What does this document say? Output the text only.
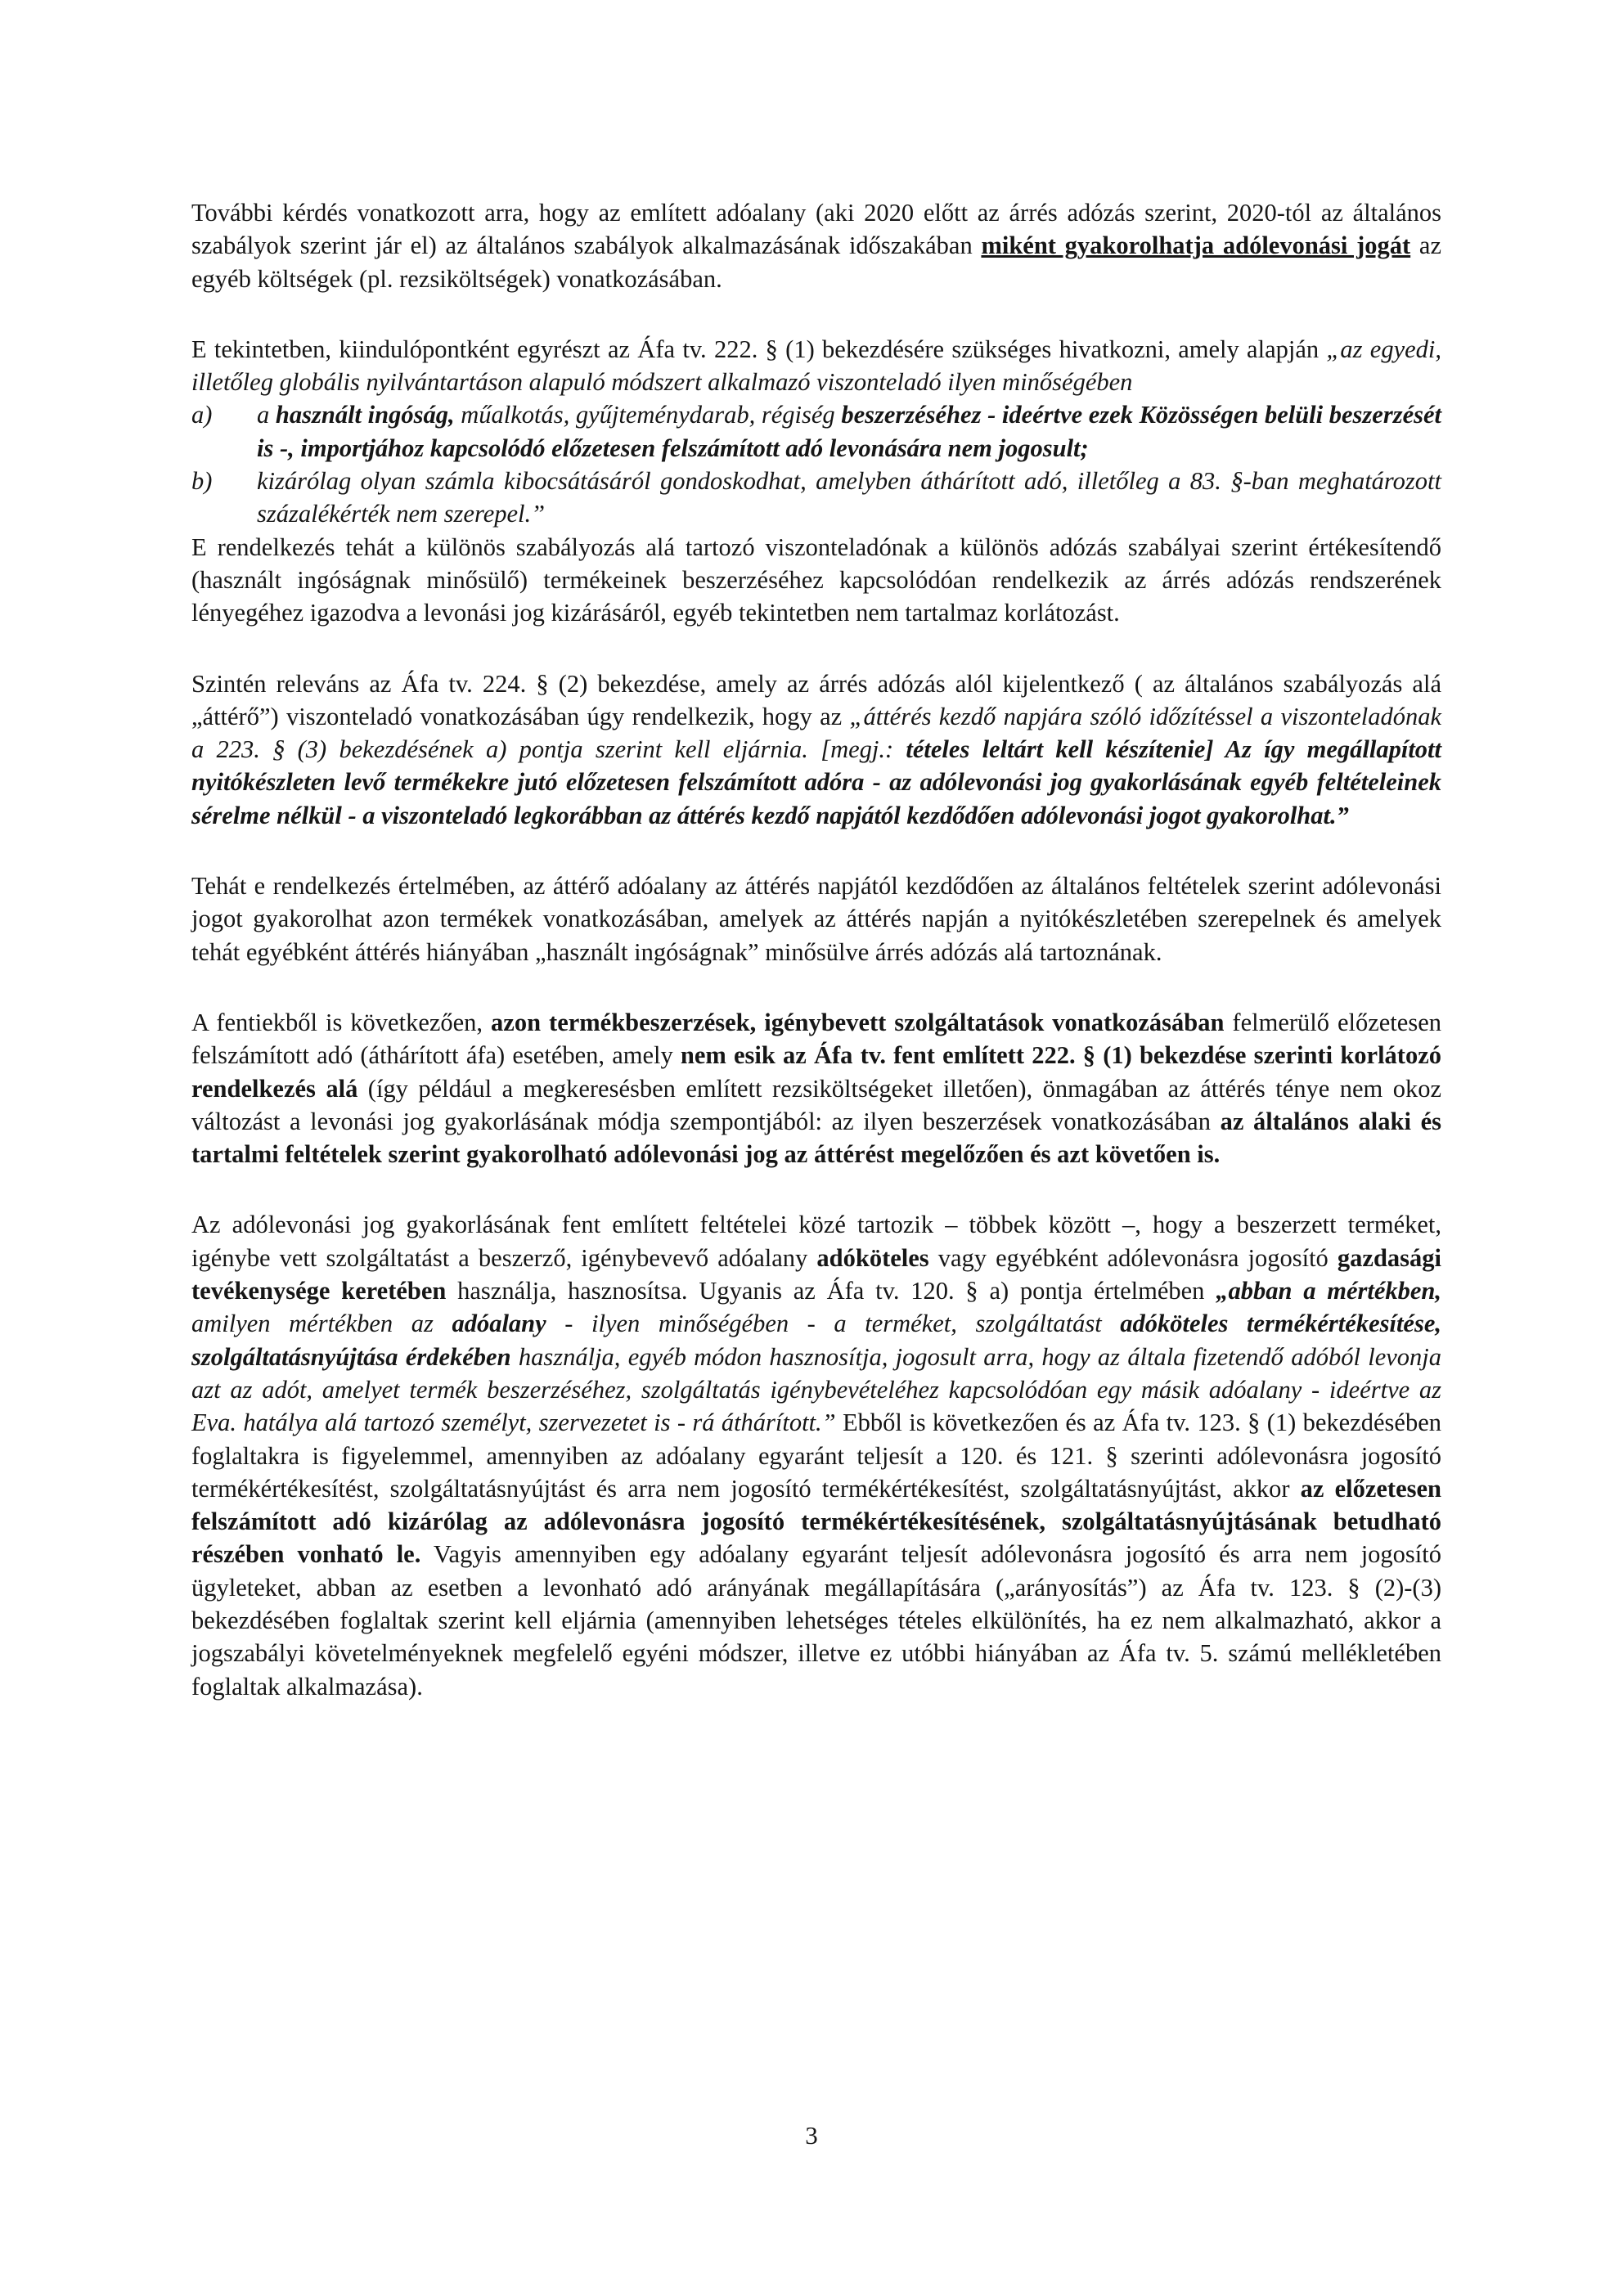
További kérdés vonatkozott arra, hogy az említett adóalany (aki 2020 előtt az árrés adózás szerint, 2020-tól az általános szabályok szerint jár el) az általános szabályok alkalmazásának időszakában miként gyakorolhatja adólevonási jogát az egyéb költségek (pl. rezsiköltségek) vonatkozásában.

E tekintetben, kiindulópontként egyrészt az Áfa tv. 222. § (1) bekezdésére szükséges hivatkozni, amely alapján „az egyedi, illetőleg globális nyilvántartáson alapuló módszert alkalmazó viszonteladó ilyen minőségében

a)	a használt ingóság, műalkotás, gyűjteménydarab, régiség beszerzéséhez - ideértve ezek Közösségen belüli beszerzését is -, importjához kapcsolódó előzetesen felszámított adó levonására nem jogosult;
b)	kizárólag olyan számla kibocsátásáról gondoskodhat, amelyben áthárított adó, illetőleg a 83. §-ban meghatározott százalékérték nem szerepel.”

E rendelkezés tehát a különös szabályozás alá tartozó viszonteladónak a különös adózás szabályai szerint értékesítendő (használt ingóságnak minősülő) termékeinek beszerzéséhez kapcsolódóan rendelkezik az árrés adózás rendszerének lényegéhez igazodva a levonási jog kizárásáról, egyéb tekintetben nem tartalmaz korlátozást.

Szintén releváns az Áfa tv. 224. § (2) bekezdése, amely az árrés adózás alól kijelentkező ( az általános szabályozás alá „áttérő”) viszonteladó vonatkozásában úgy rendelkezik, hogy az „áttérés kezdő napjára szóló időzítéssel a viszonteladónak a 223. § (3) bekezdésének a) pontja szerint kell eljárnia. [megj.: tételes leltárt kell készítenie] Az így megállapított nyitókészleten levő termékekre jutó előzetesen felszámított adóra - az adólevonási jog gyakorlásának egyéb feltételeinek sérelme nélkül - a viszonteladó legkorábban az áttérés kezdő napjától kezdődően adólevonási jogot gyakorolhat.”

Tehát e rendelkezés értelmében, az áttérő adóalany az áttérés napjától kezdődően az általános feltételek szerint adólevonási jogot gyakorolhat azon termékek vonatkozásában, amelyek az áttérés napján a nyitókészletében szerepelnek és amelyek tehát egyébként áttérés hiányában „használt ingóságnak” minősülve árrés adózás alá tartoznának.

A fentiekből is következően, azon termékbeszerzések, igénybevett szolgáltatások vonatkozásában felmerülő előzetesen felszámított adó (áthárított áfa) esetében, amely nem esik az Áfa tv. fent említett 222. § (1) bekezdése szerinti korlátozó rendelkezés alá (így például a megkeresésben említett rezsiköltségeket illetően), önmagában az áttérés ténye nem okoz változást a levonási jog gyakorlásának módja szempontjából: az ilyen beszerzések vonatkozásában az általános alaki és tartalmi feltételek szerint gyakorolható adólevonási jog az áttérést megelőzően és azt követően is.

Az adólevonási jog gyakorlásának fent említett feltételei közé tartozik – többek között –, hogy a beszerzett terméket, igénybe vett szolgáltatást a beszerző, igénybevevő adóalany adóköteles vagy egyébként adólevonásra jogosító gazdasági tevékenysége keretében használja, hasznosítsa. Ugyanis az Áfa tv. 120. § a) pontja értelmében „abban a mértékben, amilyen mértékben az adóalany - ilyen minőségében - a terméket, szolgáltatást adóköteles termékértékesítése, szolgáltatásnyújtása érdekében használja, egyéb módon hasznosítja, jogosult arra, hogy az általa fizetendő adóból levonja azt az adót, amelyet termék beszerzéséhez, szolgáltatás igénybevételéhez kapcsolódóan egy másik adóalany - ideértve az Eva. hatálya alá tartozó személyt, szervezetet is - rá áthárított.” Ebből is következően és az Áfa tv. 123. § (1) bekezdésében foglaltakra is figyelemmel, amennyiben az adóalany egyaránt teljesít a 120. és 121. § szerinti adólevonásra jogosító termékértékesítést, szolgáltatásnyújtást és arra nem jogosító termékértékesítést, szolgáltatásnyújtást, akkor az előzetesen felszámított adó kizárólag az adólevonásra jogosító termékértékesítésének, szolgáltatásnyújtásának betudható részében vonható le. Vagyis amennyiben egy adóalany egyaránt teljesít adólevonásra jogosító és arra nem jogosító ügyleteket, abban az esetben a levonható adó arányának megállapítására („arányosítás”) az Áfa tv. 123. § (2)-(3) bekezdésében foglaltak szerint kell eljárnia (amennyiben lehetséges tételes elkülönítés, ha ez nem alkalmazható, akkor a jogszabályi követelményeknek megfelelő egyéni módszer, illetve ez utóbbi hiányában az Áfa tv. 5. számú mellékletében foglaltak alkalmazása).

3
